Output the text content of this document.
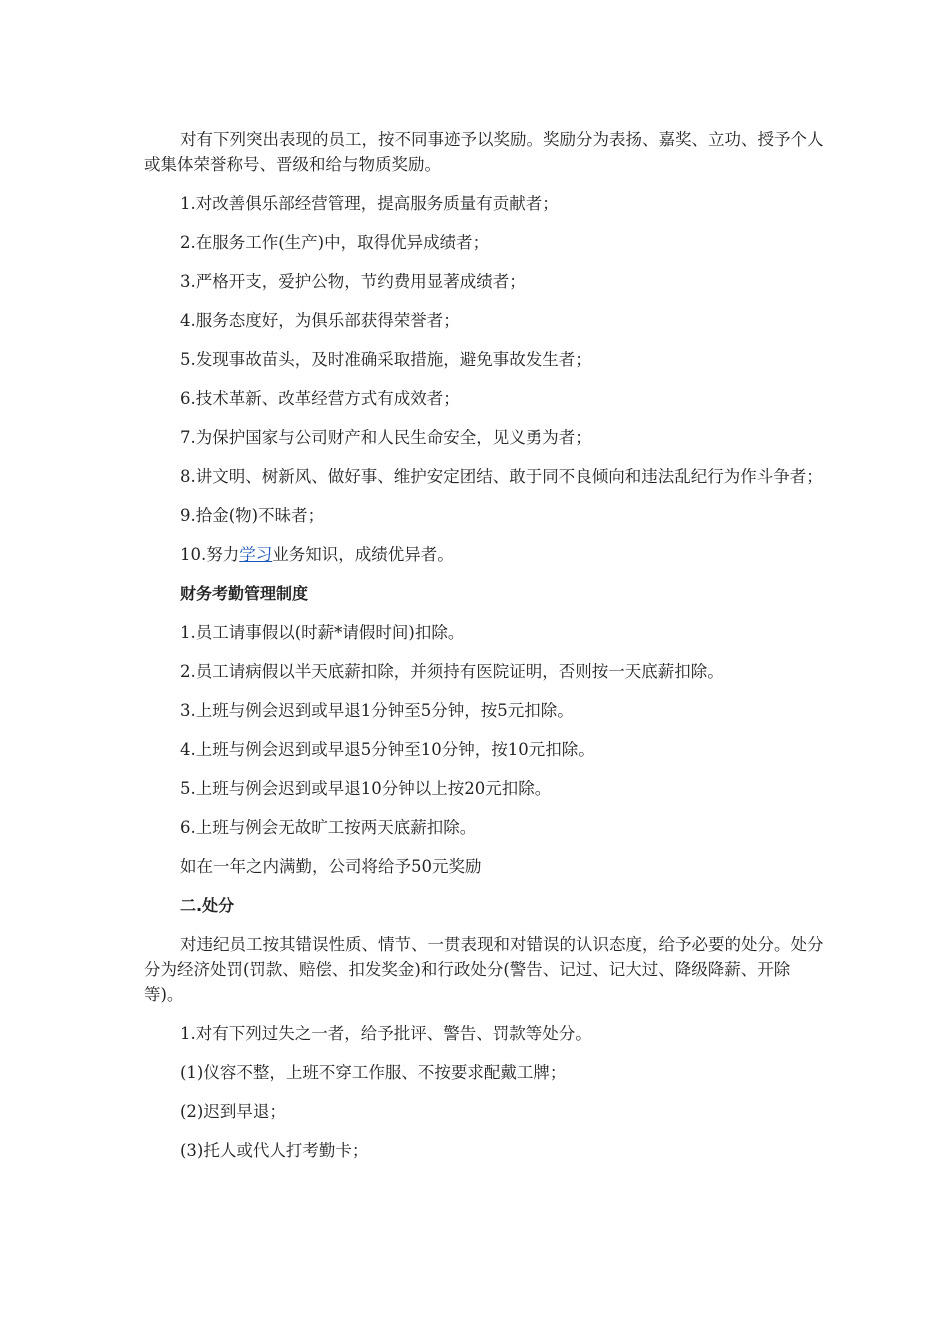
对有下列突出表现的员工，按不同事迹予以奖励。奖励分为表扬、嘉奖、立功、授予个人或集体荣誉称号、晋级和给与物质奖励。

1.对改善俱乐部经营管理，提高服务质量有贡献者；

2.在服务工作(生产)中，取得优异成绩者；

3.严格开支，爱护公物，节约费用显著成绩者；

4.服务态度好，为俱乐部获得荣誉者；

5.发现事故苗头，及时准确采取措施，避免事故发生者；

6.技术革新、改革经营方式有成效者；

7.为保护国家与公司财产和人民生命安全，见义勇为者；

8.讲文明、树新风、做好事、维护安定团结、敢于同不良倾向和违法乱纪行为作斗争者；

9.拾金(物)不昧者；

10.努力学习业务知识，成绩优异者。

财务考勤管理制度

1.员工请事假以(时薪*请假时间)扣除。

2.员工请病假以半天底薪扣除，并须持有医院证明，否则按一天底薪扣除。

3.上班与例会迟到或早退1分钟至5分钟，按5元扣除。

4.上班与例会迟到或早退5分钟至10分钟，按10元扣除。

5.上班与例会迟到或早退10分钟以上按20元扣除。

6.上班与例会无故旷工按两天底薪扣除。

如在一年之内满勤，公司将给予50元奖励

二.处分

对违纪员工按其错误性质、情节、一贯表现和对错误的认识态度，给予必要的处分。处分分为经济处罚(罚款、赔偿、扣发奖金)和行政处分(警告、记过、记大过、降级降薪、开除等)。

1.对有下列过失之一者，给予批评、警告、罚款等处分。

(1)仪容不整，上班不穿工作服、不按要求配戴工牌；

(2)迟到早退；

(3)托人或代人打考勤卡；
